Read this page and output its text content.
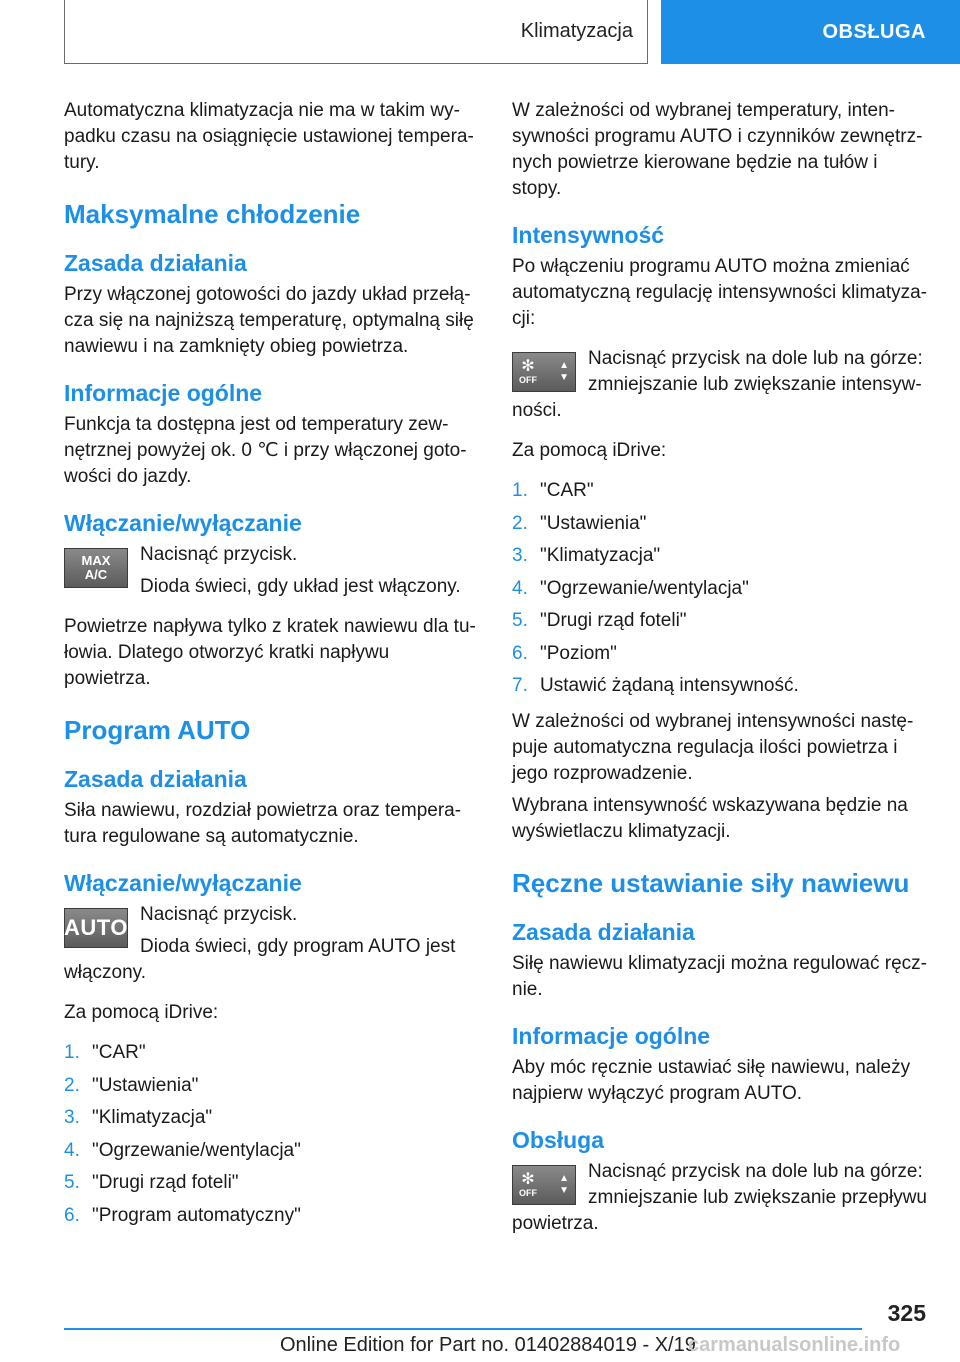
Klimatyzacja	OBSŁUGA

Automatyczna klimatyzacja nie ma w takim wy-padku czasu na osiągnięcie ustawionej tempera-tury.

Maksymalne chłodzenie
Zasada działania

Przy włączonej gotowości do jazdy układ przełą-cza się na najniższą temperaturę, optymalną siłę nawiewu i na zamknięty obieg powietrza.

Informacje ogólne

Funkcja ta dostępna jest od temperatury zew-nętrznej powyżej ok. 0 ℃ i przy włączonej goto-wości do jazdy.

Włączanie/wyłączanie
MAX
A/C

Nacisnąć przycisk.

Dioda świeci, gdy układ jest włączony.

Powietrze napływa tylko z kratek nawiewu dla tu-łowia. Dlatego otworzyć kratki napływu powietrza.

Program AUTO
Zasada działania

Siła nawiewu, rozdział powietrza oraz tempera-tura regulowane są automatycznie.

Włączanie/wyłączanie
AUTO

Nacisnąć przycisk.

Dioda świeci, gdy program AUTO jest włączony.

Za pomocą iDrive:

1. "CAR"
2. "Ustawienia"
3. "Klimatyzacja"
4. "Ogrzewanie/wentylacja"
5. "Drugi rząd foteli"
6. "Program automatyczny"

W zależności od wybranej temperatury, inten-sywności programu AUTO i czynników zewnętrz-nych powietrze kierowane będzie na tułów i stopy.

Intensywność

Po włączeniu programu AUTO można zmieniać automatyczną regulację intensywności klimatyza-cji:

✻
OFF
▲
▼

Nacisnąć przycisk na dole lub na górze: zmniejszanie lub zwiększanie intensyw-ności.

Za pomocą iDrive:

1. "CAR"
2. "Ustawienia"
3. "Klimatyzacja"
4. "Ogrzewanie/wentylacja"
5. "Drugi rząd foteli"
6. "Poziom"
7. Ustawić żądaną intensywność.

W zależności od wybranej intensywności nastę-puje automatyczna regulacja ilości powietrza i jego rozprowadzenie.

Wybrana intensywność wskazywana będzie na wyświetlaczu klimatyzacji.

Ręczne ustawianie siły nawiewu
Zasada działania

Siłę nawiewu klimatyzacji można regulować ręcz-nie.

Informacje ogólne

Aby móc ręcznie ustawiać siłę nawiewu, należy najpierw wyłączyć program AUTO.

Obsługa
✻
OFF
▲
▼

Nacisnąć przycisk na dole lub na górze: zmniejszanie lub zwiększanie przepływu powietrza.

325
Online Edition for Part no. 01402884019 - X/19
carmanualsonline.info
